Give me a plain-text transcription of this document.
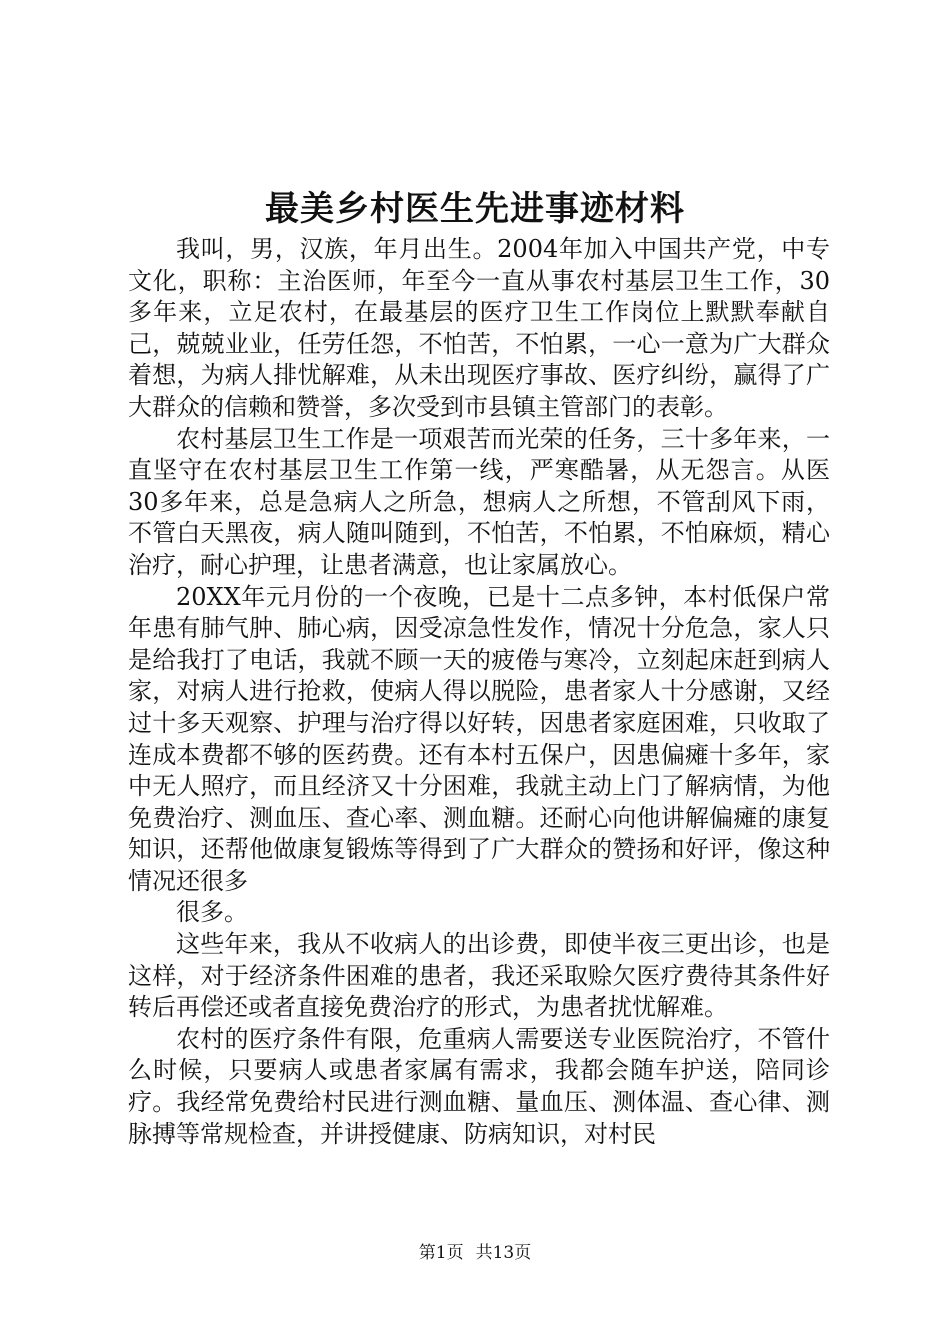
最美乡村医生先进事迹材料

我叫，男，汉族，年月出生。2004年加入中国共产党，中专文化，职称：主治医师，年至今一直从事农村基层卫生工作，30多年来，立足农村，在最基层的医疗卫生工作岗位上默默奉献自己，兢兢业业，任劳任怨，不怕苦，不怕累，一心一意为广大群众着想，为病人排忧解难，从未出现医疗事故、医疗纠纷，赢得了广大群众的信赖和赞誉，多次受到市县镇主管部门的表彰。

农村基层卫生工作是一项艰苦而光荣的任务，三十多年来，一直坚守在农村基层卫生工作第一线，严寒酷暑，从无怨言。从医30多年来，总是急病人之所急，想病人之所想，不管刮风下雨，不管白天黑夜，病人随叫随到，不怕苦，不怕累，不怕麻烦，精心治疗，耐心护理，让患者满意，也让家属放心。

20XX年元月份的一个夜晚，已是十二点多钟，本村低保户常年患有肺气肿、肺心病，因受凉急性发作，情况十分危急，家人只是给我打了电话，我就不顾一天的疲倦与寒冷，立刻起床赶到病人家，对病人进行抢救，使病人得以脱险，患者家人十分感谢，又经过十多天观察、护理与治疗得以好转，因患者家庭困难，只收取了连成本费都不够的医药费。还有本村五保户，因患偏瘫十多年，家中无人照疗，而且经济又十分困难，我就主动上门了解病情，为他免费治疗、测血压、查心率、测血糖。还耐心向他讲解偏瘫的康复知识，还帮他做康复锻炼等得到了广大群众的赞扬和好评，像这种情况还很多

很多。

这些年来，我从不收病人的出诊费，即使半夜三更出诊，也是这样，对于经济条件困难的患者，我还采取赊欠医疗费待其条件好转后再偿还或者直接免费治疗的形式，为患者扰忧解难。

农村的医疗条件有限，危重病人需要送专业医院治疗，不管什么时候，只要病人或患者家属有需求，我都会随车护送，陪同诊疗。我经常免费给村民进行测血糖、量血压、测体温、查心律、测脉搏等常规检查，并讲授健康、防病知识，对村民

第1页 共13页
